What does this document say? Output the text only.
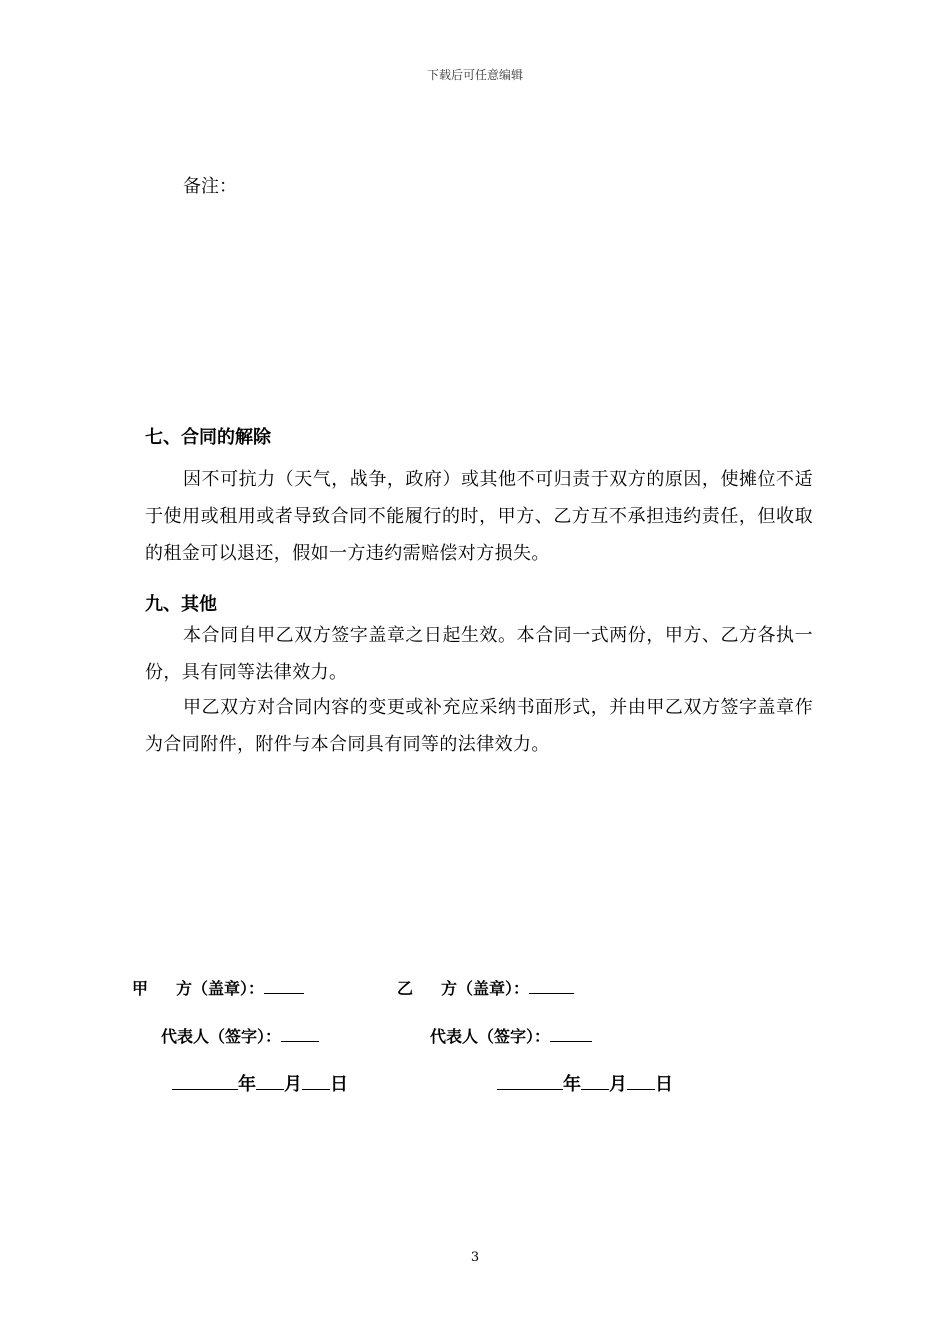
下载后可任意编辑
备注：
七、合同的解除
因不可抗力（天气，战争，政府）或其他不可归责于双方的原因，使摊位不适于使用或租用或者导致合同不能履行的时，甲方、乙方互不承担违约责任，但收取的租金可以退还，假如一方违约需赔偿对方损失。
九、其他
本合同自甲乙双方签字盖章之日起生效。本合同一式两份，甲方、乙方各执一份，具有同等法律效力。
甲乙双方对合同内容的变更或补充应采纳书面形式，并由甲乙双方签字盖章作为合同附件，附件与本合同具有同等的法律效力。
甲 方（盖章）：	乙 方（盖章）：
代表人（签字）：	代表人（签字）：
年 月 日	年 月 日
3
